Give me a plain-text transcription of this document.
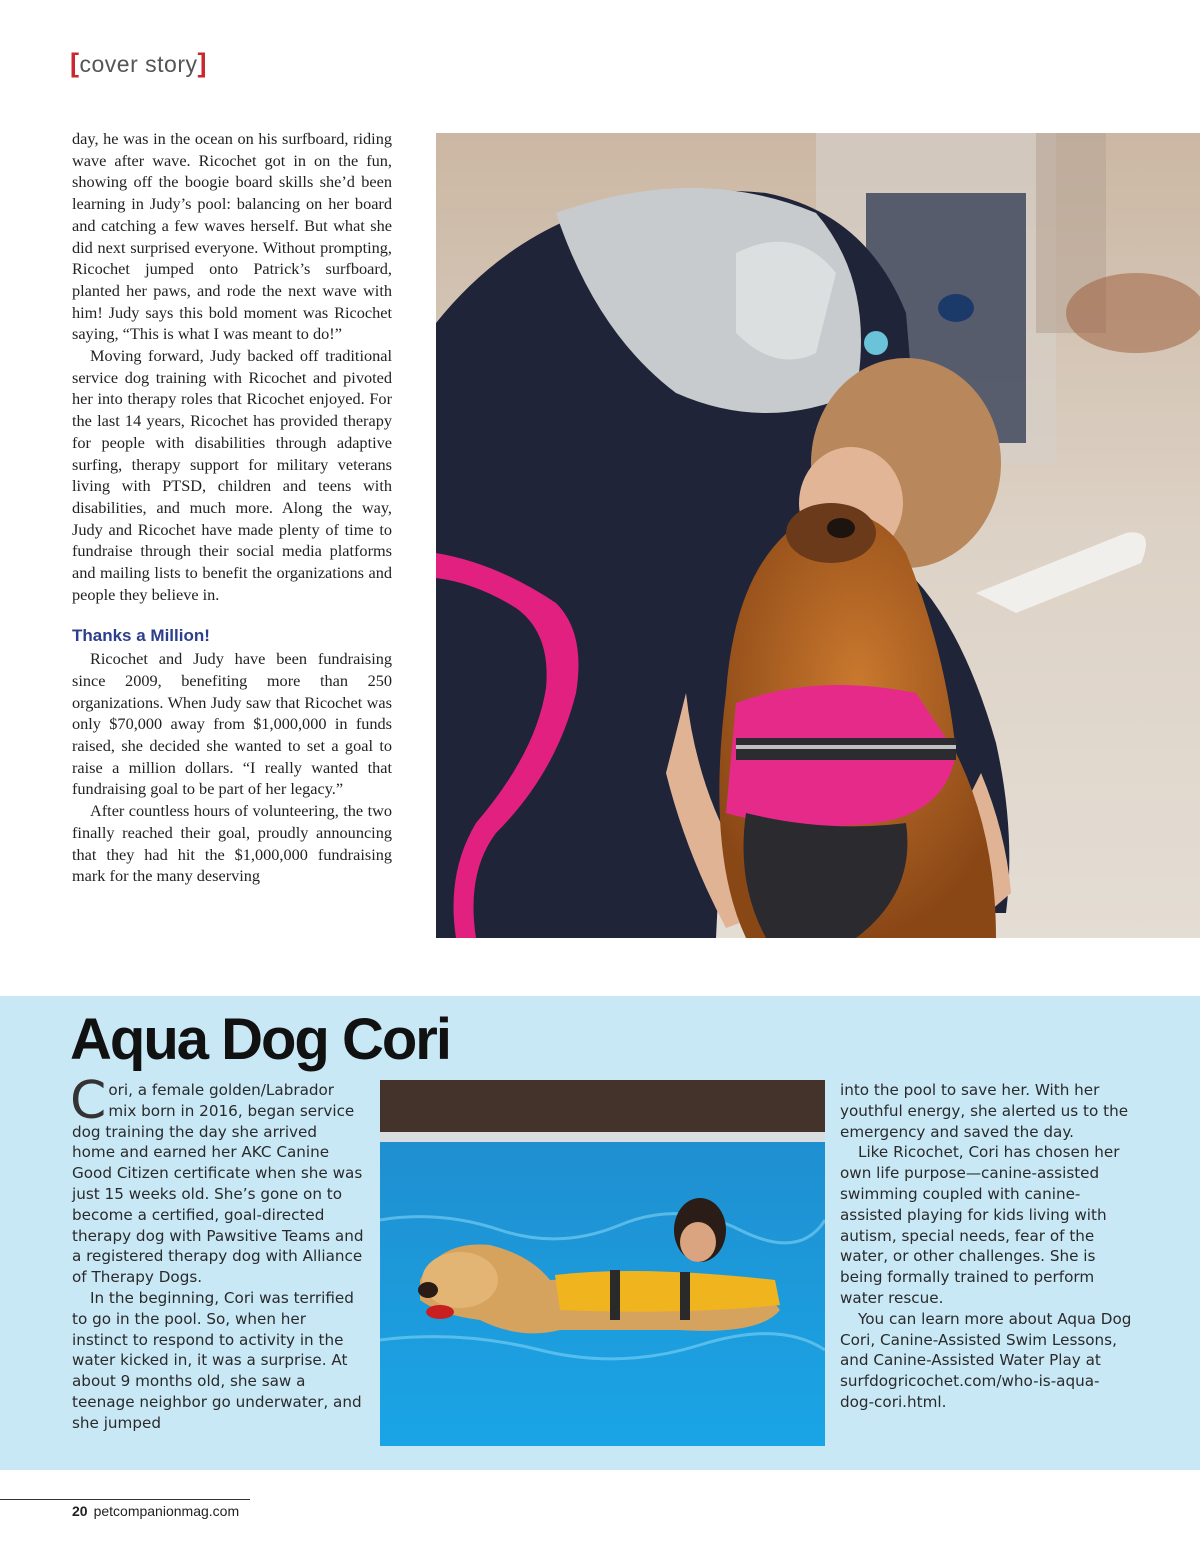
[cover story]

day, he was in the ocean on his surfboard, riding wave after wave. Ricochet got in on the fun, showing off the boogie board skills she’d been learning in Judy’s pool: balancing on her board and catching a few waves herself. But what she did next surprised everyone. Without prompting, Ricochet jumped onto Patrick’s surfboard, planted her paws, and rode the next wave with him! Judy says this bold moment was Ricochet saying, “This is what I was meant to do!”

Moving forward, Judy backed off traditional service dog training with Ricochet and pivoted her into therapy roles that Ricochet enjoyed. For the last 14 years, Ricochet has provided therapy for people with disabilities through adaptive surfing, therapy support for military veterans living with PTSD, children and teens with disabilities, and much more. Along the way, Judy and Ricochet have made plenty of time to fundraise through their social media platforms and mailing lists to benefit the organizations and people they believe in.

Thanks a Million!

Ricochet and Judy have been fundraising since 2009, benefiting more than 250 organizations. When Judy saw that Ricochet was only $70,000 away from $1,000,000 in funds raised, she decided she wanted to set a goal to raise a million dollars. “I really wanted that fundraising goal to be part of her legacy.”

After countless hours of volunteering, the two finally reached their goal, proudly announcing that they had hit the $1,000,000 fundraising mark for the many deserving

Aqua Dog Cori

Cori, a female golden/Labrador mix born in 2016, began service dog training the day she arrived home and earned her AKC Canine Good Citizen certificate when she was just 15 weeks old. She’s gone on to become a certified, goal-directed therapy dog with Pawsitive Teams and a registered therapy dog with Alliance of Therapy Dogs.

In the beginning, Cori was terrified to go in the pool. So, when her instinct to respond to activity in the water kicked in, it was a surprise. At about 9 months old, she saw a teenage neighbor go underwater, and she jumped

into the pool to save her. With her youthful energy, she alerted us to the emergency and saved the day.

Like Ricochet, Cori has chosen her own life purpose—canine-assisted swimming coupled with canine-assisted playing for kids living with autism, special needs, fear of the water, or other challenges. She is being formally trained to perform water rescue.

You can learn more about Aqua Dog Cori, Canine-Assisted Swim Lessons, and Canine-Assisted Water Play at surfdogricochet.com/who-is-aqua-dog-cori.html.

20 petcompanionmag.com
